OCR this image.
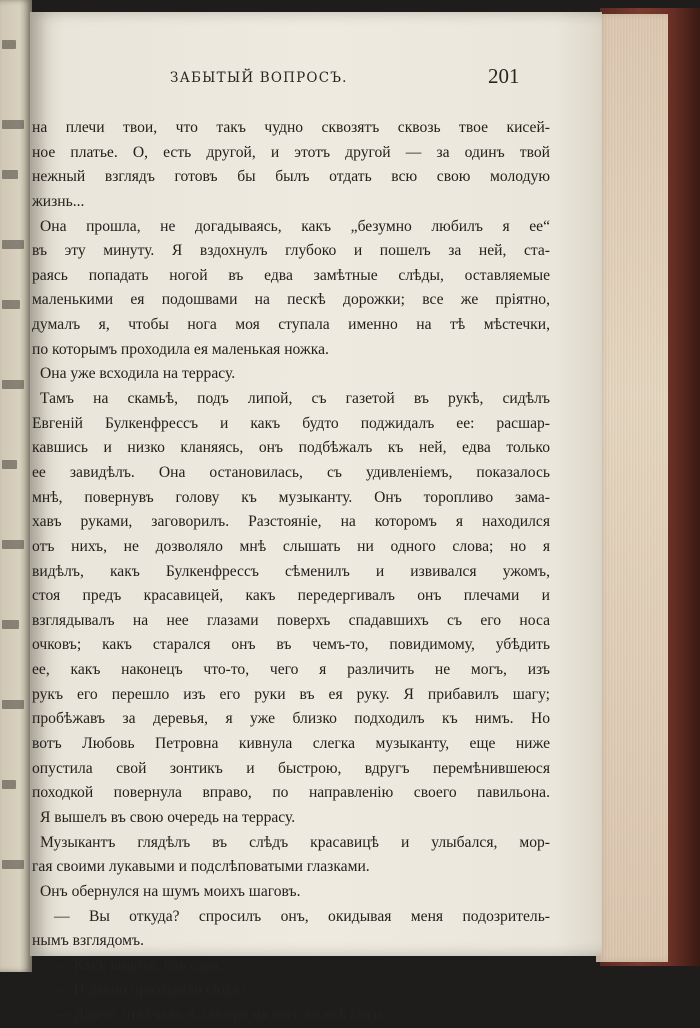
ЗАБЫТЫЙ ВОПРОСЪ.	201
на плечи твои, что такъ чудно сквозятъ сквозь твое кисей-
ное платье. О, есть другой, и этотъ другой — за одинъ твой
нежный взглядъ готовъ бы былъ отдать всю свою молодую
жизнь...
Она прошла, не догадываясь, какъ „безумно любилъ я ее“
въ эту минуту. Я вздохнулъ глубоко и пошелъ за ней, ста-
раясь попадать ногой въ едва замѣтные слѣды, оставляемые
маленькими ея подошвами на пескѣ дорожки; все же пріятно,
думалъ я, чтобы нога моя ступала именно на тѣ мѣстечки,
по которымъ проходила ея маленькая ножка.
Она уже всходила на террасу.
Тамъ на скамьѣ, подъ липой, съ газетой въ рукѣ, сидѣлъ
Евгеній Булкенфрессъ и какъ будто поджидалъ ее: расшар-
кавшись и низко кланяясь, онъ подбѣжалъ къ ней, едва только
ее завидѣлъ. Она остановилась, съ удивленіемъ, показалось
мнѣ, повернувъ голову къ музыканту. Онъ торопливо зама-
хавъ руками, заговорилъ. Разстояніе, на которомъ я находился
отъ нихъ, не дозволяло мнѣ слышать ни одного слова; но я
видѣлъ, какъ Булкенфрессъ сѣменилъ и извивался ужомъ,
стоя предъ красавицей, какъ передергивалъ онъ плечами и
взглядывалъ на нее глазами поверхъ спадавшихъ съ его носа
очковъ; какъ старался онъ въ чемъ-то, повидимому, убѣдить
ее, какъ наконецъ что-то, чего я различить не могъ, изъ
рукъ его перешло изъ его руки въ ея руку. Я прибавилъ шагу;
пробѣжавъ за деревья, я уже близко подходилъ къ нимъ. Но
вотъ Любовь Петровна кивнула слегка музыканту, еще ниже
опустила свой зонтикъ и быстрою, вдругъ перемѣнившеюся
походкой повернула вправо, по направленію своего павильона.
Я вышелъ въ свою очередь на террасу.
Музыкантъ глядѣлъ въ слѣдъ красавицѣ и улыбался, мор-
гая своими лукавыми и подслѣповатыми глазками.
Онъ обернулся на шумъ моихъ шаговъ.
— Вы откуда? спросилъ онъ, окидывая меня подозритель-
нымъ взглядомъ.
— Какъ видите, изъ сада.
— И давно приходили сюда?
— Давно, отвѣчалъ я, смотря на него во всѣ глаза.
